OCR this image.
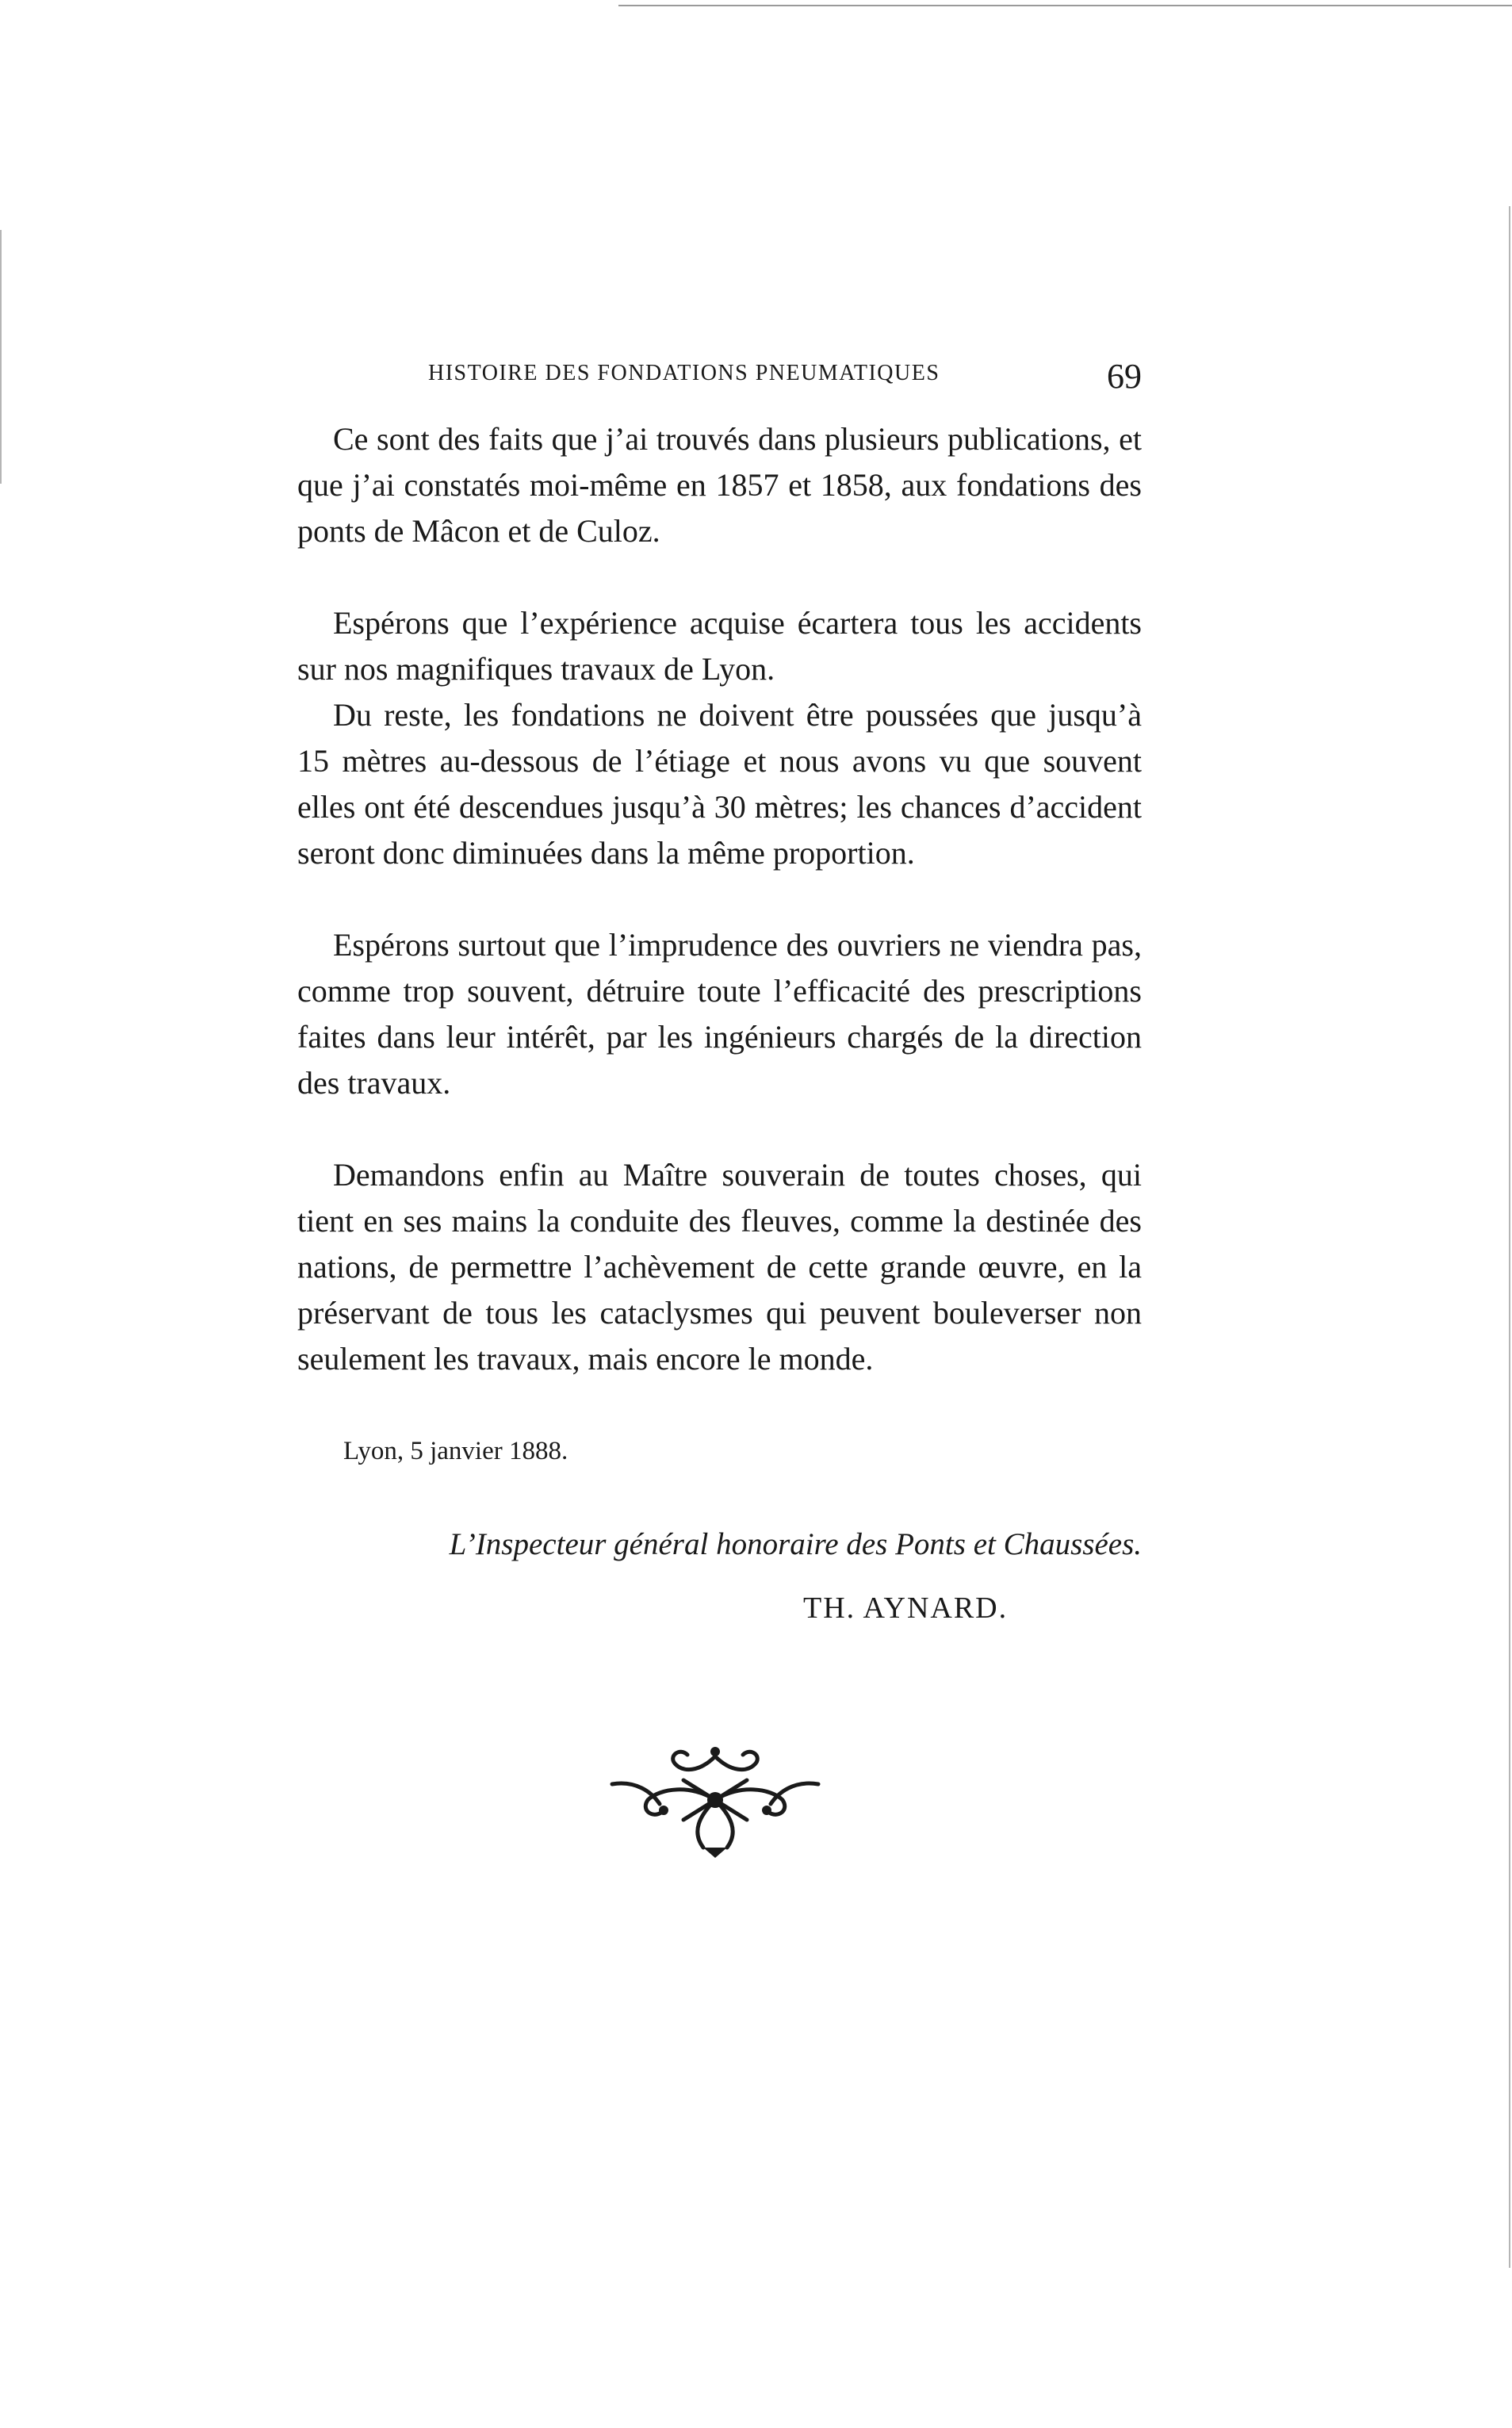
HISTOIRE DES FONDATIONS PNEUMATIQUES	69

Ce sont des faits que j’ai trouvés dans plusieurs publications, et que j’ai constatés moi-même en 1857 et 1858, aux fondations des ponts de Mâcon et de Culoz.

Espérons que l’expérience acquise écartera tous les accidents sur nos magnifiques travaux de Lyon.

Du reste, les fondations ne doivent être poussées que jusqu’à 15 mètres au-dessous de l’étiage et nous avons vu que souvent elles ont été descendues jusqu’à 30 mètres; les chances d’accident seront donc diminuées dans la même proportion.

Espérons surtout que l’imprudence des ouvriers ne viendra pas, comme trop souvent, détruire toute l’efficacité des prescriptions faites dans leur intérêt, par les ingénieurs chargés de la direction des travaux.

Demandons enfin au Maître souverain de toutes choses, qui tient en ses mains la conduite des fleuves, comme la destinée des nations, de permettre l’achèvement de cette grande œuvre, en la préservant de tous les cataclysmes qui peuvent bouleverser non seulement les travaux, mais encore le monde.

Lyon, 5 janvier 1888.

L’Inspecteur général honoraire des Ponts et Chaussées.

TH. AYNARD.
